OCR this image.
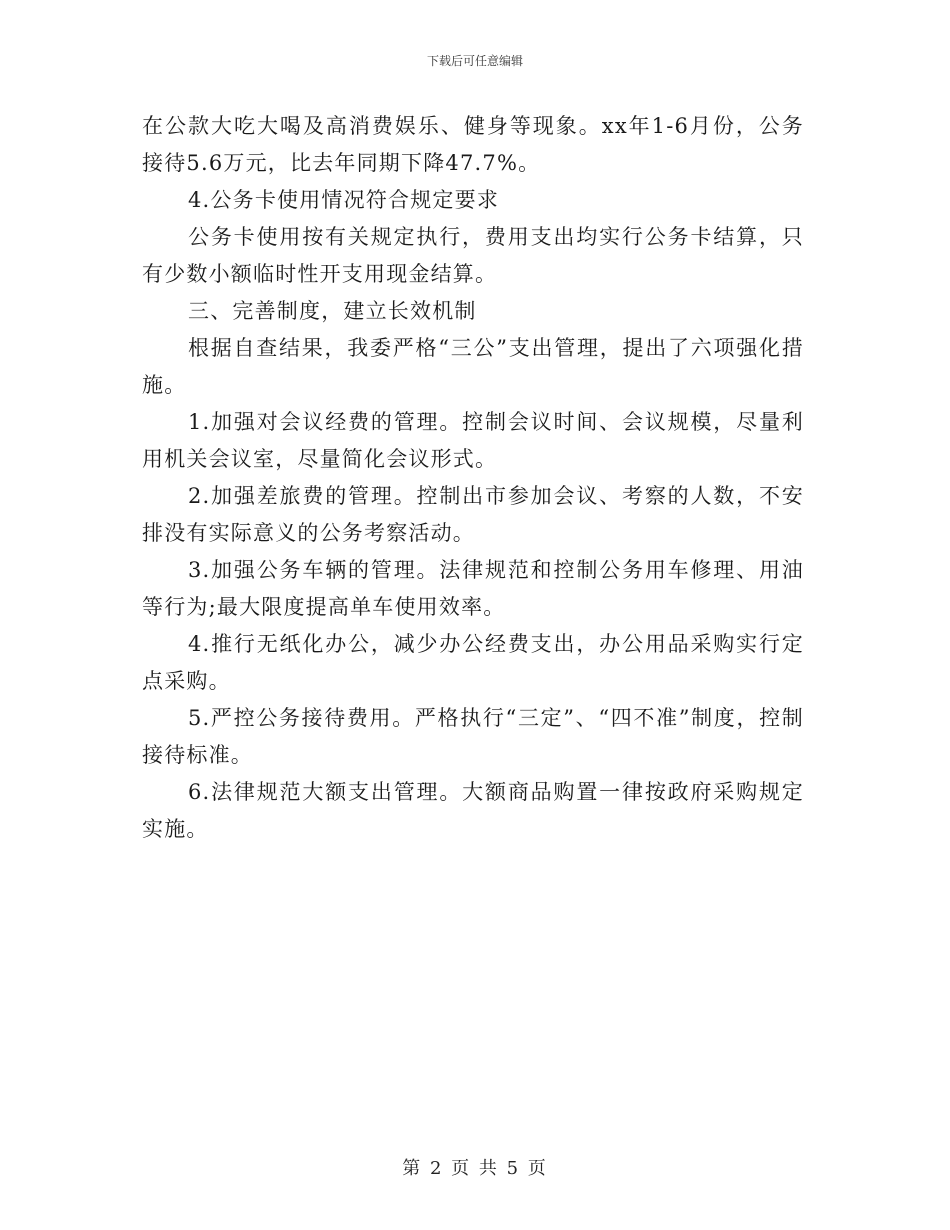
下载后可任意编辑

在公款大吃大喝及高消费娱乐、健身等现象。xx年1-6月份，公务接待5.6万元，比去年同期下降47.7%。

4.公务卡使用情况符合规定要求

公务卡使用按有关规定执行，费用支出均实行公务卡结算，只有少数小额临时性开支用现金结算。

三、完善制度，建立长效机制

根据自查结果，我委严格“三公”支出管理，提出了六项强化措施。

1.加强对会议经费的管理。控制会议时间、会议规模，尽量利用机关会议室，尽量简化会议形式。

2.加强差旅费的管理。控制出市参加会议、考察的人数，不安排没有实际意义的公务考察活动。

3.加强公务车辆的管理。法律规范和控制公务用车修理、用油等行为;最大限度提高单车使用效率。

4.推行无纸化办公，减少办公经费支出，办公用品采购实行定点采购。

5.严控公务接待费用。严格执行“三定”、“四不准”制度，控制接待标准。

6.法律规范大额支出管理。大额商品购置一律按政府采购规定实施。

第 2 页 共 5 页
